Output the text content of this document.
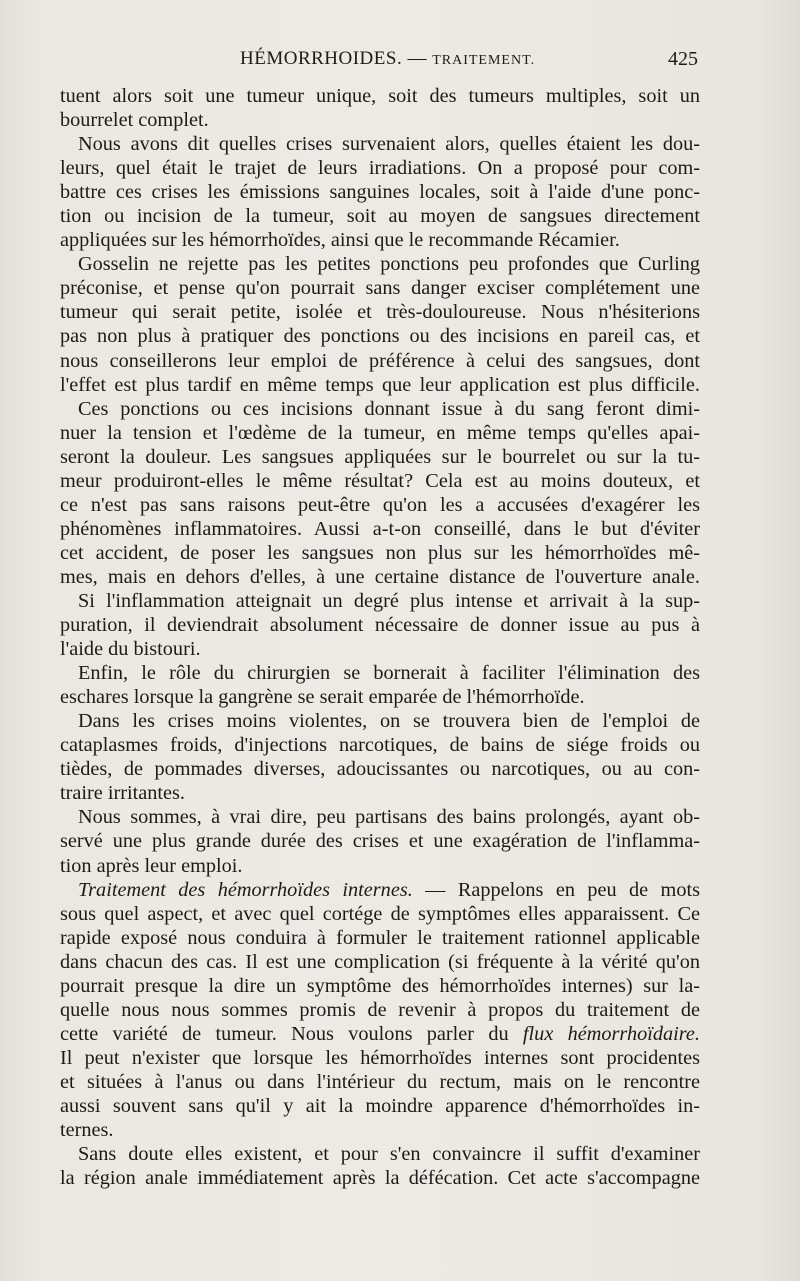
HÉMORRHOIDES. — TRAITEMENT.	425
tuent alors soit une tumeur unique, soit des tumeurs multiples, soit un
bourrelet complet.
Nous avons dit quelles crises survenaient alors, quelles étaient les dou-
leurs, quel était le trajet de leurs irradiations. On a proposé pour com-
battre ces crises les émissions sanguines locales, soit à l'aide d'une ponc-
tion ou incision de la tumeur, soit au moyen de sangsues directement
appliquées sur les hémorrhoïdes, ainsi que le recommande Récamier.
Gosselin ne rejette pas les petites ponctions peu profondes que Curling
préconise, et pense qu'on pourrait sans danger exciser complétement une
tumeur qui serait petite, isolée et très-douloureuse. Nous n'hésiterions
pas non plus à pratiquer des ponctions ou des incisions en pareil cas, et
nous conseillerons leur emploi de préférence à celui des sangsues, dont
l'effet est plus tardif en même temps que leur application est plus difficile.
Ces ponctions ou ces incisions donnant issue à du sang feront dimi-
nuer la tension et l'œdème de la tumeur, en même temps qu'elles apai-
seront la douleur. Les sangsues appliquées sur le bourrelet ou sur la tu-
meur produiront-elles le même résultat? Cela est au moins douteux, et
ce n'est pas sans raisons peut-être qu'on les a accusées d'exagérer les
phénomènes inflammatoires. Aussi a-t-on conseillé, dans le but d'éviter
cet accident, de poser les sangsues non plus sur les hémorrhoïdes mê-
mes, mais en dehors d'elles, à une certaine distance de l'ouverture anale.
Si l'inflammation atteignait un degré plus intense et arrivait à la sup-
puration, il deviendrait absolument nécessaire de donner issue au pus à
l'aide du bistouri.
Enfin, le rôle du chirurgien se bornerait à faciliter l'élimination des
eschares lorsque la gangrène se serait emparée de l'hémorrhoïde.
Dans les crises moins violentes, on se trouvera bien de l'emploi de
cataplasmes froids, d'injections narcotiques, de bains de siége froids ou
tièdes, de pommades diverses, adoucissantes ou narcotiques, ou au con-
traire irritantes.
Nous sommes, à vrai dire, peu partisans des bains prolongés, ayant ob-
servé une plus grande durée des crises et une exagération de l'inflamma-
tion après leur emploi.
Traitement des hémorrhoïdes internes. — Rappelons en peu de mots
sous quel aspect, et avec quel cortége de symptômes elles apparaissent. Ce
rapide exposé nous conduira à formuler le traitement rationnel applicable
dans chacun des cas. Il est une complication (si fréquente à la vérité qu'on
pourrait presque la dire un symptôme des hémorrhoïdes internes) sur la-
quelle nous nous sommes promis de revenir à propos du traitement de
cette variété de tumeur. Nous voulons parler du flux hémorrhoïdaire.
Il peut n'exister que lorsque les hémorrhoïdes internes sont procidentes
et situées à l'anus ou dans l'intérieur du rectum, mais on le rencontre
aussi souvent sans qu'il y ait la moindre apparence d'hémorrhoïdes in-
ternes.
Sans doute elles existent, et pour s'en convaincre il suffit d'examiner
la région anale immédiatement après la défécation. Cet acte s'accompagne
